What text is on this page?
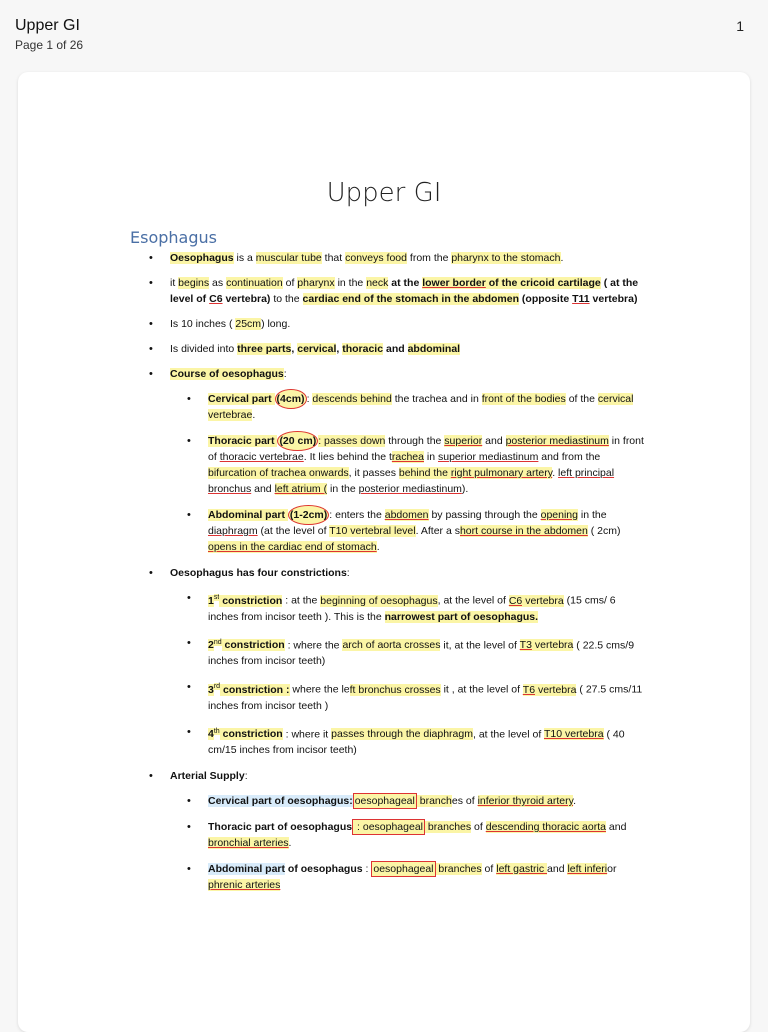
Upper GI
Page 1 of 26
1
Upper GI
Esophagus
• Oesophagus is a muscular tube that conveys food from the pharynx to the stomach.
• it begins as continuation of pharynx in the neck at the lower border of the cricoid cartilage ( at the level of C6 vertebra) to the cardiac end of the stomach in the abdomen (opposite T11 vertebra)
• Is 10 inches ( 25cm) long.
• Is divided into three parts, cervical, thoracic and abdominal
• Course of oesophagus:
• Cervical part (4cm) : descends behind the trachea and in front of the bodies of the cervical vertebrae.
• Thoracic part (20 cm) : passes down through the superior and posterior mediastinum in front of thoracic vertebrae. It lies behind the trachea in superior mediastinum and from the bifurcation of trachea onwards, it passes behind the right pulmonary artery. left principal bronchus and left atrium ( in the posterior mediastinum).
• Abdominal part (1-2cm) : enters the abdomen by passing through the opening in the diaphragm (at the level of T10 vertebral level. After a short course in the abdomen ( 2cm) opens in the cardiac end of stomach.
• Oesophagus has four constrictions:
• 1st constriction : at the beginning of oesophagus, at the level of C6 vertebra (15 cms/ 6 inches from incisor teeth ). This is the narrowest part of oesophagus.
• 2nd constriction : where the arch of aorta crosses it, at the level of T3 vertebra ( 22.5 cms/9 inches from incisor teeth)
• 3rd constriction : where the left bronchus crosses it , at the level of T6 vertebra ( 27.5 cms/11 inches from incisor teeth )
• 4th constriction : where it passes through the diaphragm, at the level of T10 vertebra ( 40 cm/15 inches from incisor teeth)
• Arterial Supply:
• Cervical part of oesophagus: oesophageal branches of inferior thyroid artery.
• Thoracic part of oesophagus : oesophageal branches of descending thoracic aorta and bronchial arteries.
• Abdominal part of oesophagus : oesophageal branches of left gastric and left inferior phrenic arteries
